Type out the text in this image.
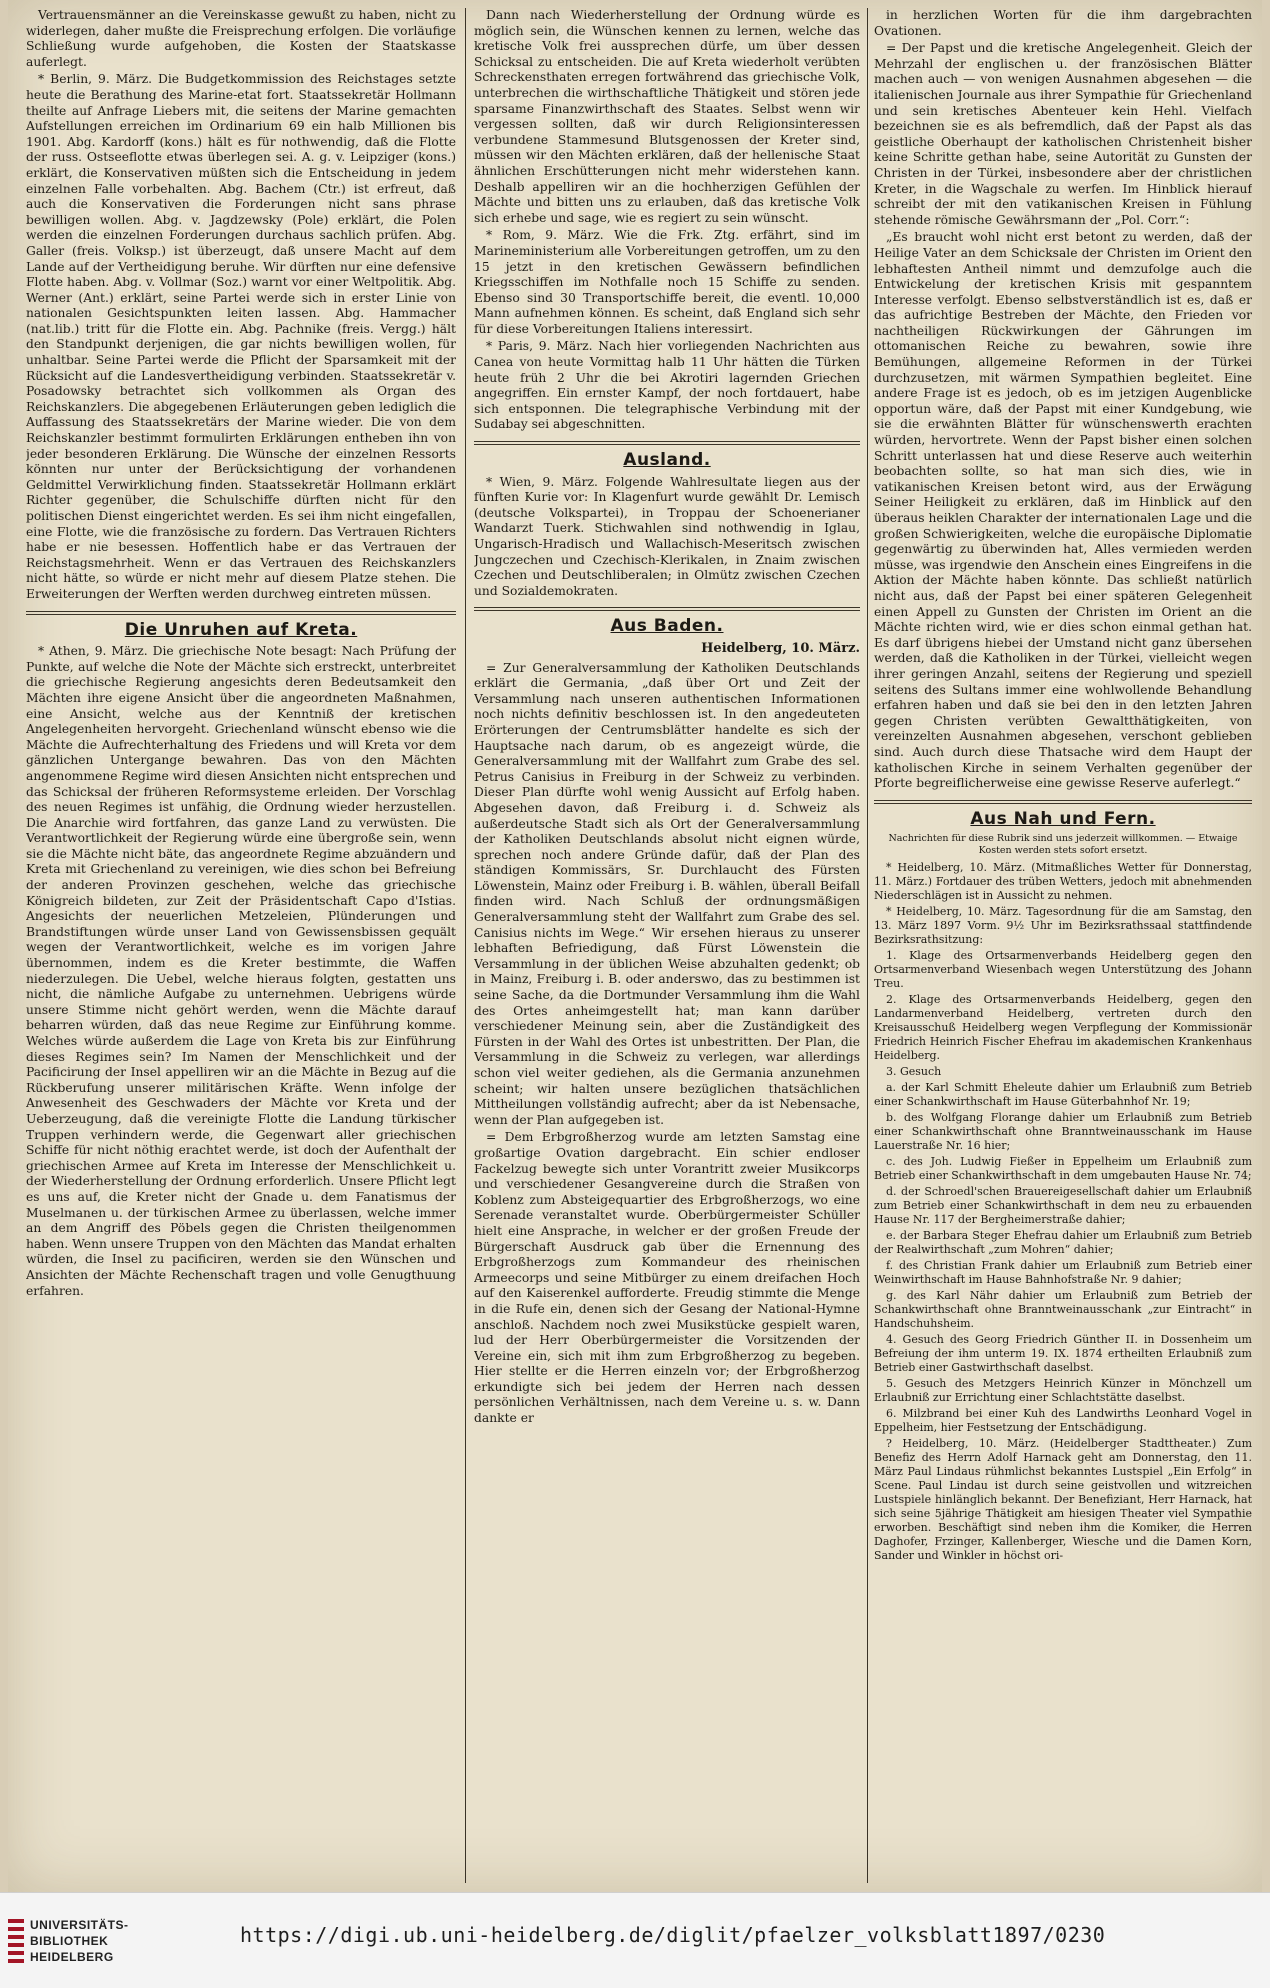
Vertrauensmänner an die Vereinskasse gewußt zu haben, nicht zu widerlegen, daher mußte die Freisprechung erfolgen. Die vorläufige Schließung wurde aufgehoben, die Kosten der Staatskasse auferlegt.

* Berlin, 9. März. Die Budgetkommission des Reichstages setzte heute die Berathung des Marine-etat fort. Staatssekretär Hollmann theilte auf Anfrage Liebers mit, die seitens der Marine gemachten Aufstellungen erreichen im Ordinarium 69 ein halb Millionen bis 1901. Abg. Kardorff (kons.) hält es für nothwendig, daß die Flotte der russ. Ostseeflotte etwas überlegen sei. A. g. v. Leipziger (kons.) erklärt, die Konservativen müßten sich die Entscheidung in jedem einzelnen Falle vorbehalten. Abg. Bachem (Ctr.) ist erfreut, daß auch die Konservativen die Forderungen nicht sans phrase bewilligen wollen. Abg. v. Jagdzewsky (Pole) erklärt, die Polen werden die einzelnen Forderungen durchaus sachlich prüfen. Abg. Galler (freis. Volksp.) ist überzeugt, daß unsere Macht auf dem Lande auf der Vertheidigung beruhe. Wir dürften nur eine defensive Flotte haben. Abg. v. Vollmar (Soz.) warnt vor einer Weltpolitik. Abg. Werner (Ant.) erklärt, seine Partei werde sich in erster Linie von nationalen Gesichtspunkten leiten lassen. Abg. Hammacher (nat.lib.) tritt für die Flotte ein. Abg. Pachnike (freis. Vergg.) hält den Standpunkt derjenigen, die gar nichts bewilligen wollen, für unhaltbar. Seine Partei werde die Pflicht der Sparsamkeit mit der Rücksicht auf die Landesvertheidigung verbinden. Staatssekretär v. Posadowsky betrachtet sich vollkommen als Organ des Reichskanzlers. Die abgegebenen Erläuterungen geben lediglich die Auffassung des Staatssekretärs der Marine wieder. Die von dem Reichskanzler bestimmt formulirten Erklärungen entheben ihn von jeder besonderen Erklärung. Die Wünsche der einzelnen Ressorts könnten nur unter der Berücksichtigung der vorhandenen Geldmittel Verwirklichung finden. Staatssekretär Hollmann erklärt Richter gegenüber, die Schulschiffe dürften nicht für den politischen Dienst eingerichtet werden. Es sei ihm nicht eingefallen, eine Flotte, wie die französische zu fordern. Das Vertrauen Richters habe er nie besessen. Hoffentlich habe er das Vertrauen der Reichstagsmehrheit. Wenn er das Vertrauen des Reichskanzlers nicht hätte, so würde er nicht mehr auf diesem Platze stehen. Die Erweiterungen der Werften werden durchweg eintreten müssen.

Die Unruhen auf Kreta.

* Athen, 9. März. Die griechische Note besagt: Nach Prüfung der Punkte, auf welche die Note der Mächte sich erstreckt, unterbreitet die griechische Regierung angesichts deren Bedeutsamkeit den Mächten ihre eigene Ansicht über die angeordneten Maßnahmen, eine Ansicht, welche aus der Kenntniß der kretischen Angelegenheiten hervorgeht. Griechenland wünscht ebenso wie die Mächte die Aufrechterhaltung des Friedens und will Kreta vor dem gänzlichen Untergange bewahren. Das von den Mächten angenommene Regime wird diesen Ansichten nicht entsprechen und das Schicksal der früheren Reformsysteme erleiden. Der Vorschlag des neuen Regimes ist unfähig, die Ordnung wieder herzustellen. Die Anarchie wird fortfahren, das ganze Land zu verwüsten. Die Verantwortlichkeit der Regierung würde eine übergroße sein, wenn sie die Mächte nicht bäte, das angeordnete Regime abzuändern und Kreta mit Griechenland zu vereinigen, wie dies schon bei Befreiung der anderen Provinzen geschehen, welche das griechische Königreich bildeten, zur Zeit der Präsidentschaft Capo d'Istias. Angesichts der neuerlichen Metzeleien, Plünderungen und Brandstiftungen würde unser Land von Gewissensbissen gequält wegen der Verantwortlichkeit, welche es im vorigen Jahre übernommen, indem es die Kreter bestimmte, die Waffen niederzulegen. Die Uebel, welche hieraus folgten, gestatten uns nicht, die nämliche Aufgabe zu unternehmen. Uebrigens würde unsere Stimme nicht gehört werden, wenn die Mächte darauf beharren würden, daß das neue Regime zur Einführung komme. Welches würde außerdem die Lage von Kreta bis zur Einführung dieses Regimes sein? Im Namen der Menschlichkeit und der Pacificirung der Insel appelliren wir an die Mächte in Bezug auf die Rückberufung unserer militärischen Kräfte. Wenn infolge der Anwesenheit des Geschwaders der Mächte vor Kreta und der Ueberzeugung, daß die vereinigte Flotte die Landung türkischer Truppen verhindern werde, die Gegenwart aller griechischen Schiffe für nicht nöthig erachtet werde, ist doch der Aufenthalt der griechischen Armee auf Kreta im Interesse der Menschlichkeit u. der Wiederherstellung der Ordnung erforderlich. Unsere Pflicht legt es uns auf, die Kreter nicht der Gnade u. dem Fanatismus der Muselmanen u. der türkischen Armee zu überlassen, welche immer an dem Angriff des Pöbels gegen die Christen theilgenommen haben. Wenn unsere Truppen von den Mächten das Mandat erhalten würden, die Insel zu pacificiren, werden sie den Wünschen und Ansichten der Mächte Rechenschaft tragen und volle Genugthuung erfahren.

Dann nach Wiederherstellung der Ordnung würde es möglich sein, die Wünschen kennen zu lernen, welche das kretische Volk frei aussprechen dürfe, um über dessen Schicksal zu entscheiden. Die auf Kreta wiederholt verübten Schreckensthaten erregen fortwährend das griechische Volk, unterbrechen die wirthschaftliche Thätigkeit und stören jede sparsame Finanzwirthschaft des Staates. Selbst wenn wir vergessen sollten, daß wir durch Religionsinteressen verbundene Stammesund Blutsgenossen der Kreter sind, müssen wir den Mächten erklären, daß der hellenische Staat ähnlichen Erschütterungen nicht mehr widerstehen kann. Deshalb appelliren wir an die hochherzigen Gefühlen der Mächte und bitten uns zu erlauben, daß das kretische Volk sich erhebe und sage, wie es regiert zu sein wünscht.

* Rom, 9. März. Wie die Frk. Ztg. erfährt, sind im Marineministerium alle Vorbereitungen getroffen, um zu den 15 jetzt in den kretischen Gewässern befindlichen Kriegsschiffen im Nothfalle noch 15 Schiffe zu senden. Ebenso sind 30 Transportschiffe bereit, die eventl. 10,000 Mann aufnehmen können. Es scheint, daß England sich sehr für diese Vorbereitungen Italiens interessirt.

* Paris, 9. März. Nach hier vorliegenden Nachrichten aus Canea von heute Vormittag halb 11 Uhr hätten die Türken heute früh 2 Uhr die bei Akrotiri lagernden Griechen angegriffen. Ein ernster Kampf, der noch fortdauert, habe sich entsponnen. Die telegraphische Verbindung mit der Sudabay sei abgeschnitten.

Ausland.

* Wien, 9. März. Folgende Wahlresultate liegen aus der fünften Kurie vor: In Klagenfurt wurde gewählt Dr. Lemisch (deutsche Volkspartei), in Troppau der Schoenerianer Wandarzt Tuerk. Stichwahlen sind nothwendig in Iglau, Ungarisch-Hradisch und Wallachisch-Meseritsch zwischen Jungczechen und Czechisch-Klerikalen, in Znaim zwischen Czechen und Deutschliberalen; in Olmütz zwischen Czechen und Sozialdemokraten.

Aus Baden.
Heidelberg, 10. März.

= Zur Generalversammlung der Katholiken Deutschlands erklärt die Germania, „daß über Ort und Zeit der Versammlung nach unseren authentischen Informationen noch nichts definitiv beschlossen ist. In den angedeuteten Erörterungen der Centrumsblätter handelte es sich der Hauptsache nach darum, ob es angezeigt würde, die Generalversammlung mit der Wallfahrt zum Grabe des sel. Petrus Canisius in Freiburg in der Schweiz zu verbinden. Dieser Plan dürfte wohl wenig Aussicht auf Erfolg haben. Abgesehen davon, daß Freiburg i. d. Schweiz als außerdeutsche Stadt sich als Ort der Generalversammlung der Katholiken Deutschlands absolut nicht eignen würde, sprechen noch andere Gründe dafür, daß der Plan des ständigen Kommissärs, Sr. Durchlaucht des Fürsten Löwenstein, Mainz oder Freiburg i. B. wählen, überall Beifall finden wird. Nach Schluß der ordnungsmäßigen Generalversammlung steht der Wallfahrt zum Grabe des sel. Canisius nichts im Wege.“ Wir ersehen hieraus zu unserer lebhaften Befriedigung, daß Fürst Löwenstein die Versammlung in der üblichen Weise abzuhalten gedenkt; ob in Mainz, Freiburg i. B. oder anderswo, das zu bestimmen ist seine Sache, da die Dortmunder Versammlung ihm die Wahl des Ortes anheimgestellt hat; man kann darüber verschiedener Meinung sein, aber die Zuständigkeit des Fürsten in der Wahl des Ortes ist unbestritten. Der Plan, die Versammlung in die Schweiz zu verlegen, war allerdings schon viel weiter gediehen, als die Germania anzunehmen scheint; wir halten unsere bezüglichen thatsächlichen Mittheilungen vollständig aufrecht; aber da ist Nebensache, wenn der Plan aufgegeben ist.

= Dem Erbgroßherzog wurde am letzten Samstag eine großartige Ovation dargebracht. Ein schier endloser Fackelzug bewegte sich unter Vorantritt zweier Musikcorps und verschiedener Gesangvereine durch die Straßen von Koblenz zum Absteigequartier des Erbgroßherzogs, wo eine Serenade veranstaltet wurde. Oberbürgermeister Schüller hielt eine Ansprache, in welcher er der großen Freude der Bürgerschaft Ausdruck gab über die Ernennung des Erbgroßherzogs zum Kommandeur des rheinischen Armeecorps und seine Mitbürger zu einem dreifachen Hoch auf den Kaiserenkel aufforderte. Freudig stimmte die Menge in die Rufe ein, denen sich der Gesang der National-Hymne anschloß. Nachdem noch zwei Musikstücke gespielt waren, lud der Herr Oberbürgermeister die Vorsitzenden der Vereine ein, sich mit ihm zum Erbgroßherzog zu begeben. Hier stellte er die Herren einzeln vor; der Erbgroßherzog erkundigte sich bei jedem der Herren nach dessen persönlichen Verhältnissen, nach dem Vereine u. s. w. Dann dankte er

in herzlichen Worten für die ihm dargebrachten Ovationen.

= Der Papst und die kretische Angelegenheit. Gleich der Mehrzahl der englischen u. der französischen Blätter machen auch — von wenigen Ausnahmen abgesehen — die italienischen Journale aus ihrer Sympathie für Griechenland und sein kretisches Abenteuer kein Hehl. Vielfach bezeichnen sie es als befremdlich, daß der Papst als das geistliche Oberhaupt der katholischen Christenheit bisher keine Schritte gethan habe, seine Autorität zu Gunsten der Christen in der Türkei, insbesondere aber der christlichen Kreter, in die Wagschale zu werfen. Im Hinblick hierauf schreibt der mit den vatikanischen Kreisen in Fühlung stehende römische Gewährsmann der „Pol. Corr.“:

„Es braucht wohl nicht erst betont zu werden, daß der Heilige Vater an dem Schicksale der Christen im Orient den lebhaftesten Antheil nimmt und demzufolge auch die Entwickelung der kretischen Krisis mit gespanntem Interesse verfolgt. Ebenso selbstverständlich ist es, daß er das aufrichtige Bestreben der Mächte, den Frieden vor nachtheiligen Rückwirkungen der Gährungen im ottomanischen Reiche zu bewahren, sowie ihre Bemühungen, allgemeine Reformen in der Türkei durchzusetzen, mit wärmen Sympathien begleitet. Eine andere Frage ist es jedoch, ob es im jetzigen Augenblicke opportun wäre, daß der Papst mit einer Kundgebung, wie sie die erwähnten Blätter für wünschenswerth erachten würden, hervortrete. Wenn der Papst bisher einen solchen Schritt unterlassen hat und diese Reserve auch weiterhin beobachten sollte, so hat man sich dies, wie in vatikanischen Kreisen betont wird, aus der Erwägung Seiner Heiligkeit zu erklären, daß im Hinblick auf den überaus heiklen Charakter der internationalen Lage und die großen Schwierigkeiten, welche die europäische Diplomatie gegenwärtig zu überwinden hat, Alles vermieden werden müsse, was irgendwie den Anschein eines Eingreifens in die Aktion der Mächte haben könnte. Das schließt natürlich nicht aus, daß der Papst bei einer späteren Gelegenheit einen Appell zu Gunsten der Christen im Orient an die Mächte richten wird, wie er dies schon einmal gethan hat. Es darf übrigens hiebei der Umstand nicht ganz übersehen werden, daß die Katholiken in der Türkei, vielleicht wegen ihrer geringen Anzahl, seitens der Regierung und speziell seitens des Sultans immer eine wohlwollende Behandlung erfahren haben und daß sie bei den in den letzten Jahren gegen Christen verübten Gewaltthätigkeiten, von vereinzelten Ausnahmen abgesehen, verschont geblieben sind. Auch durch diese Thatsache wird dem Haupt der katholischen Kirche in seinem Verhalten gegenüber der Pforte begreiflicherweise eine gewisse Reserve auferlegt.“

Aus Nah und Fern.
Nachrichten für diese Rubrik sind uns jederzeit willkommen. — Etwaige Kosten werden stets sofort ersetzt.

* Heidelberg, 10. März. (Mitmaßliches Wetter für Donnerstag, 11. März.) Fortdauer des trüben Wetters, jedoch mit abnehmenden Niederschlägen ist in Aussicht zu nehmen.

* Heidelberg, 10. März. Tagesordnung für die am Samstag, den 13. März 1897 Vorm. 9½ Uhr im Bezirksrathssaal stattfindende Bezirksrathsitzung:

1. Klage des Ortsarmenverbands Heidelberg gegen den Ortsarmenverband Wiesenbach wegen Unterstützung des Johann Treu.

2. Klage des Ortsarmenverbands Heidelberg, gegen den Landarmenverband Heidelberg, vertreten durch den Kreisausschuß Heidelberg wegen Verpflegung der Kommissionär Friedrich Heinrich Fischer Ehefrau im akademischen Krankenhaus Heidelberg.

3. Gesuch

a. der Karl Schmitt Eheleute dahier um Erlaubniß zum Betrieb einer Schankwirthschaft im Hause Güterbahnhof Nr. 19;

b. des Wolfgang Florange dahier um Erlaubniß zum Betrieb einer Schankwirthschaft ohne Branntweinausschank im Hause Lauerstraße Nr. 16 hier;

c. des Joh. Ludwig Fießer in Eppelheim um Erlaubniß zum Betrieb einer Schankwirthschaft in dem umgebauten Hause Nr. 74;

d. der Schroedl'schen Brauereigesellschaft dahier um Erlaubniß zum Betrieb einer Schankwirthschaft in dem neu zu erbauenden Hause Nr. 117 der Bergheimerstraße dahier;

e. der Barbara Steger Ehefrau dahier um Erlaubniß zum Betrieb der Realwirthschaft „zum Mohren“ dahier;

f. des Christian Frank dahier um Erlaubniß zum Betrieb einer Weinwirthschaft im Hause Bahnhofstraße Nr. 9 dahier;

g. des Karl Nähr dahier um Erlaubniß zum Betrieb der Schankwirthschaft ohne Branntweinausschank „zur Eintracht“ in Handschuhsheim.

4. Gesuch des Georg Friedrich Günther II. in Dossenheim um Befreiung der ihm unterm 19. IX. 1874 ertheilten Erlaubniß zum Betrieb einer Gastwirthschaft daselbst.

5. Gesuch des Metzgers Heinrich Künzer in Mönchzell um Erlaubniß zur Errichtung einer Schlachtstätte daselbst.

6. Milzbrand bei einer Kuh des Landwirths Leonhard Vogel in Eppelheim, hier Festsetzung der Entschädigung.

? Heidelberg, 10. März. (Heidelberger Stadttheater.) Zum Benefiz des Herrn Adolf Harnack geht am Donnerstag, den 11. März Paul Lindaus rühmlichst bekanntes Lustspiel „Ein Erfolg“ in Scene. Paul Lindau ist durch seine geistvollen und witzreichen Lustspiele hinlänglich bekannt. Der Benefiziant, Herr Harnack, hat sich seine 5jährige Thätigkeit am hiesigen Theater viel Sympathie erworben. Beschäftigt sind neben ihm die Komiker, die Herren Daghofer, Frzinger, Kallenberger, Wiesche und die Damen Korn, Sander und Winkler in höchst ori-

UNIVERSITÄTS-
BIBLIOTHEK
HEIDELBERG
https://digi.ub.uni-heidelberg.de/diglit/pfaelzer_volksblatt1897/0230
